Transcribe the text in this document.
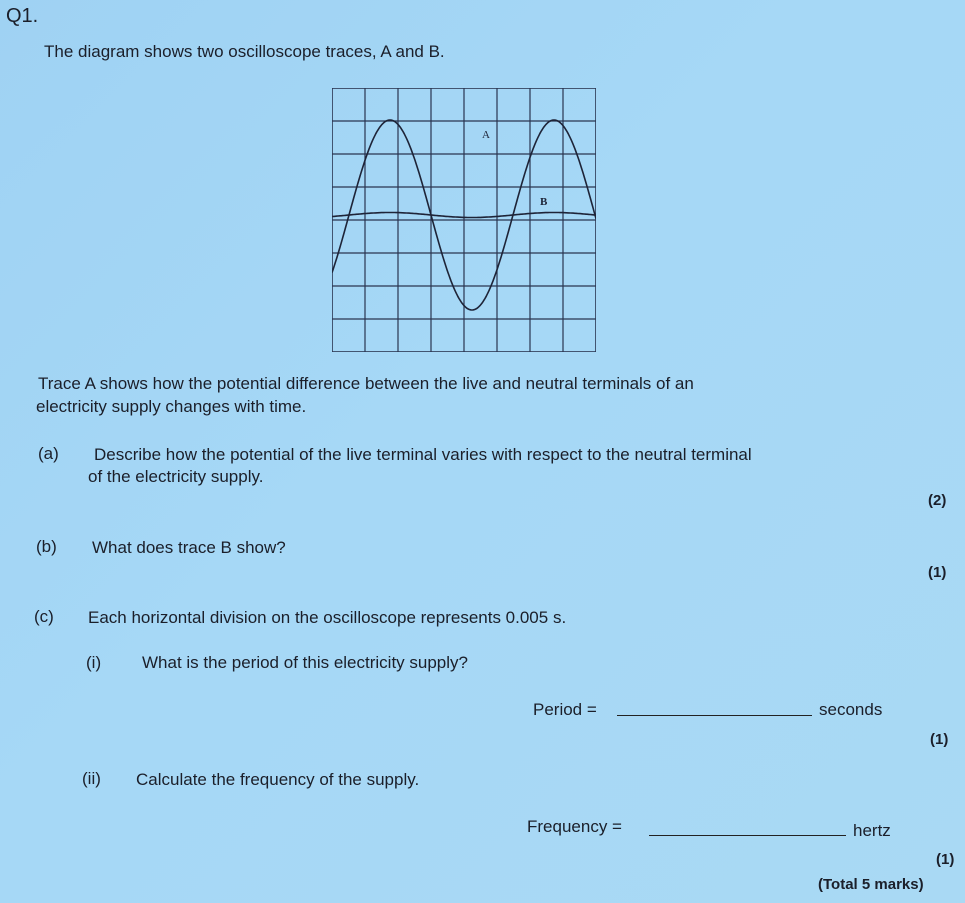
Q1.
The diagram shows two oscilloscope traces, A and B.
A
B
Trace A shows how the potential difference between the live and neutral terminals of an
electricity supply changes with time.
(a) Describe how the potential of the live terminal varies with respect to the neutral terminal
of the electricity supply.
(2)
(b) What does trace B show?
(1)
(c) Each horizontal division on the oscilloscope represents 0.005 s.
(i) What is the period of this electricity supply?
Period =	seconds
(1)
(ii) Calculate the frequency of the supply.
Frequency =	hertz
(1)
(Total 5 marks)
